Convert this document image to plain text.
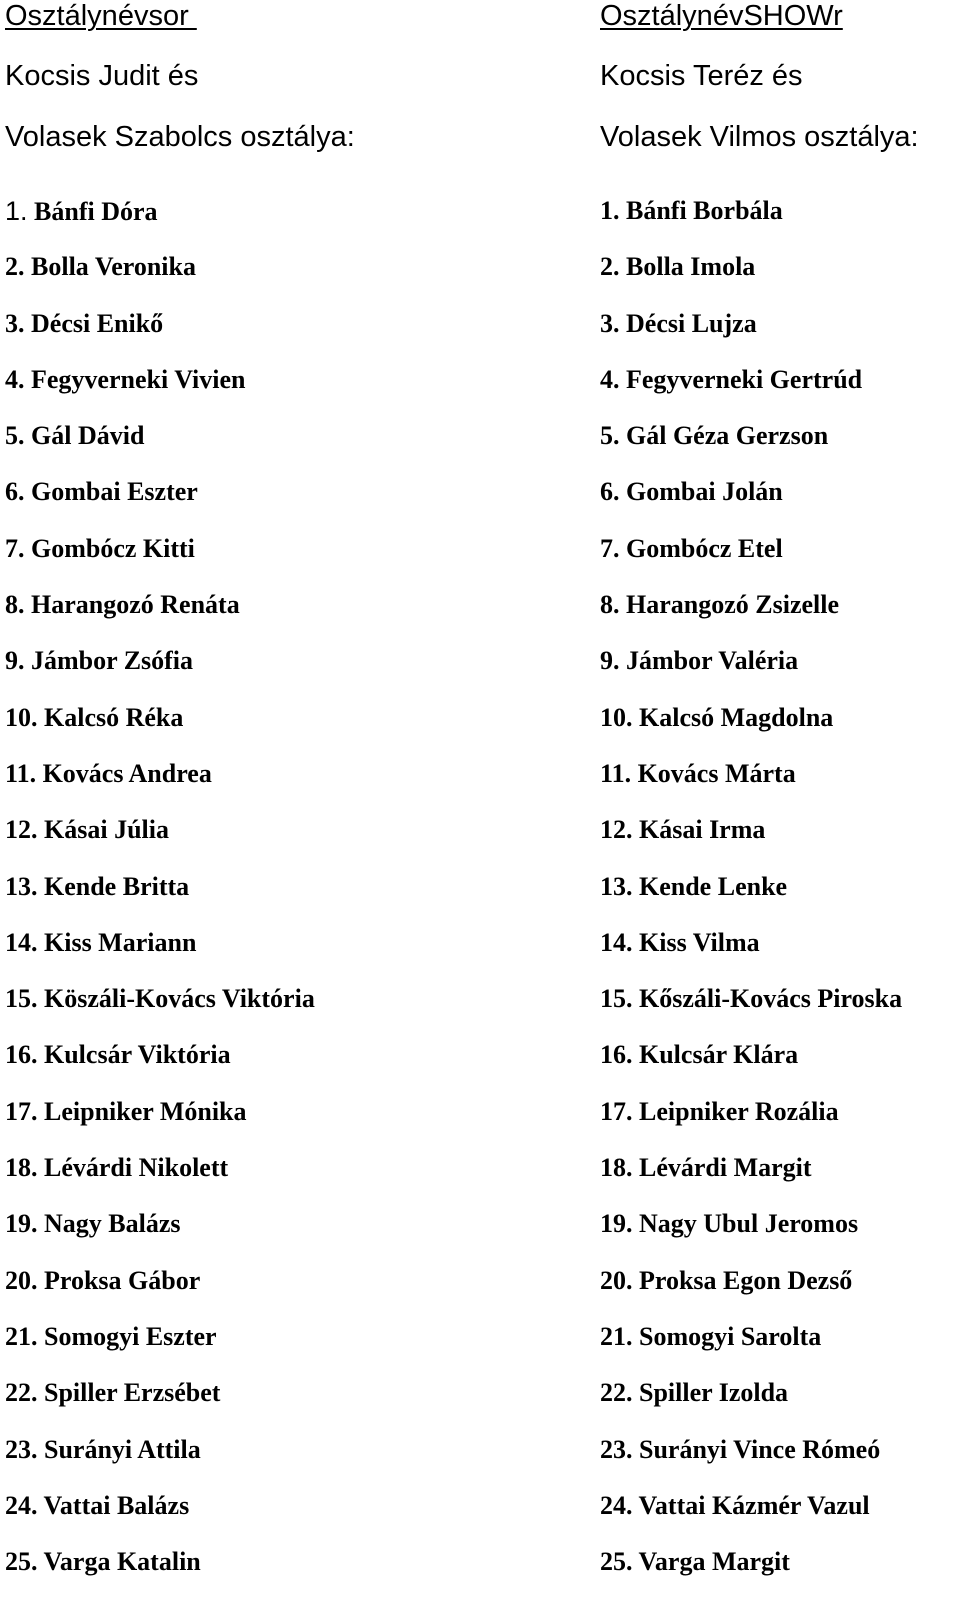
Osztálynévsor
Kocsis Judit és
Volasek Szabolcs osztálya:
1. Bánfi Dóra
2. Bolla Veronika
3. Décsi Enikő
4. Fegyverneki Vivien
5. Gál Dávid
6. Gombai Eszter
7. Gombócz Kitti
8. Harangozó Renáta
9. Jámbor Zsófia
10. Kalcsó Réka
11. Kovács Andrea
12. Kásai Júlia
13. Kende Britta
14. Kiss Mariann
15. Köszáli-Kovács Viktória
16. Kulcsár Viktória
17. Leipniker Mónika
18. Lévárdi Nikolett
19. Nagy Balázs
20. Proksa Gábor
21. Somogyi Eszter
22. Spiller Erzsébet
23. Surányi Attila
24. Vattai Balázs
25. Varga Katalin
OsztálynévSHOWr
Kocsis Teréz és
Volasek Vilmos osztálya:
1. Bánfi Borbála
2. Bolla Imola
3. Décsi Lujza
4. Fegyverneki Gertrúd
5. Gál Géza Gerzson
6. Gombai Jolán
7. Gombócz Etel
8. Harangozó Zsizelle
9. Jámbor Valéria
10. Kalcsó Magdolna
11. Kovács Márta
12. Kásai Irma
13. Kende Lenke
14. Kiss Vilma
15. Kőszáli-Kovács Piroska
16. Kulcsár Klára
17. Leipniker Rozália
18. Lévárdi Margit
19. Nagy Ubul Jeromos
20. Proksa Egon Dezső
21. Somogyi Sarolta
22. Spiller Izolda
23. Surányi Vince Rómeó
24. Vattai Kázmér Vazul
25. Varga Margit
